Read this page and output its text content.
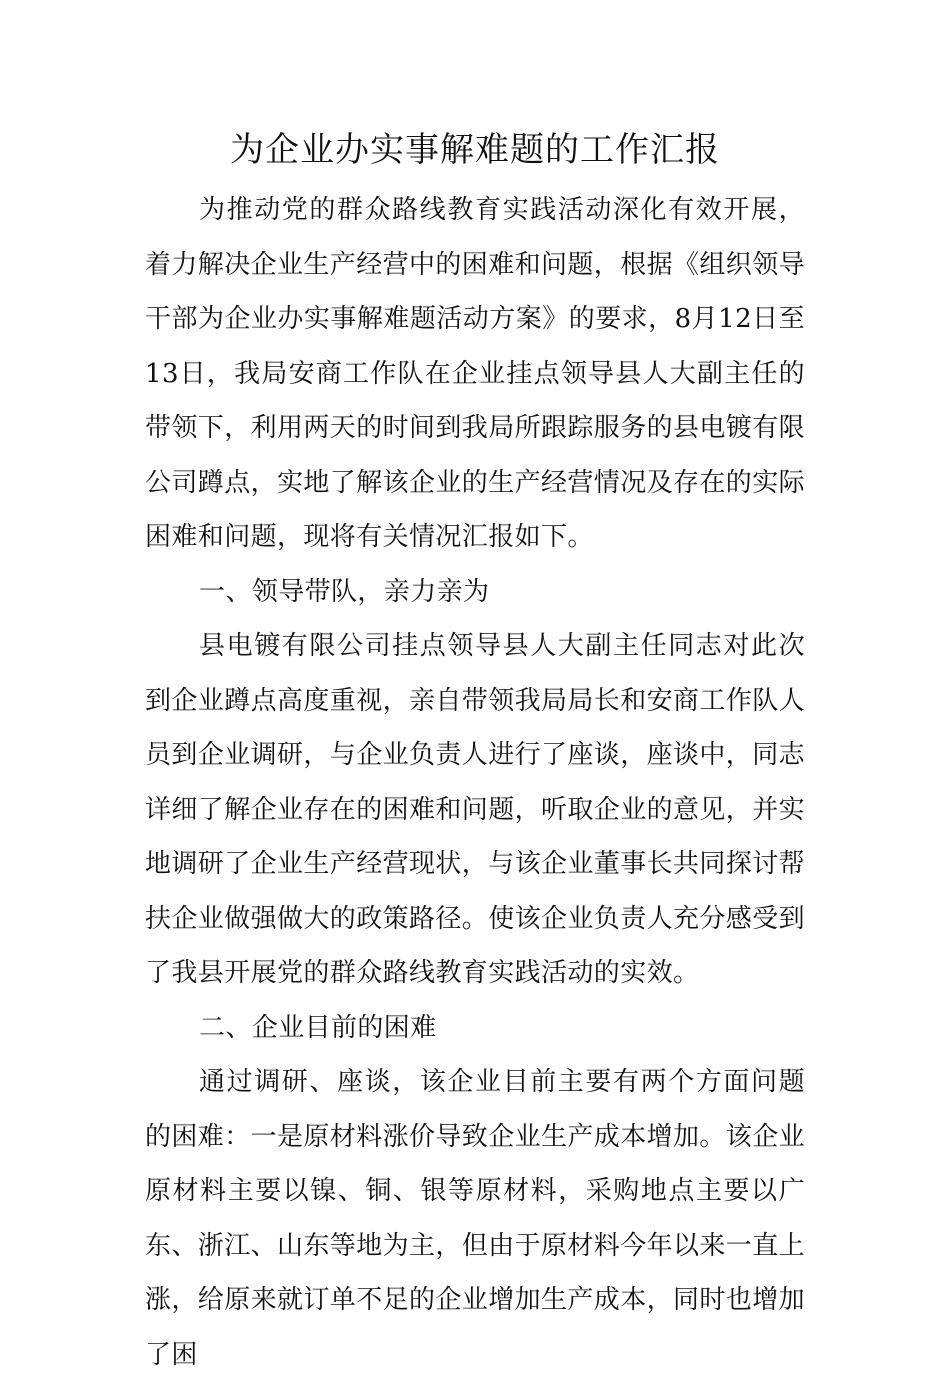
为企业办实事解难题的工作汇报

为推动党的群众路线教育实践活动深化有效开展，着力解决企业生产经营中的困难和问题，根据《组织领导干部为企业办实事解难题活动方案》的要求，8月12日至13日，我局安商工作队在企业挂点领导县人大副主任的带领下，利用两天的时间到我局所跟踪服务的县电镀有限公司蹲点，实地了解该企业的生产经营情况及存在的实际困难和问题，现将有关情况汇报如下。

一、领导带队，亲力亲为

县电镀有限公司挂点领导县人大副主任同志对此次到企业蹲点高度重视，亲自带领我局局长和安商工作队人员到企业调研，与企业负责人进行了座谈，座谈中，同志详细了解企业存在的困难和问题，听取企业的意见，并实地调研了企业生产经营现状，与该企业董事长共同探讨帮扶企业做强做大的政策路径。使该企业负责人充分感受到了我县开展党的群众路线教育实践活动的实效。

二、企业目前的困难

通过调研、座谈，该企业目前主要有两个方面问题的困难：一是原材料涨价导致企业生产成本增加。该企业原材料主要以镍、铜、银等原材料，采购地点主要以广东、浙江、山东等地为主，但由于原材料今年以来一直上涨，给原来就订单不足的企业增加生产成本，同时也增加了困
